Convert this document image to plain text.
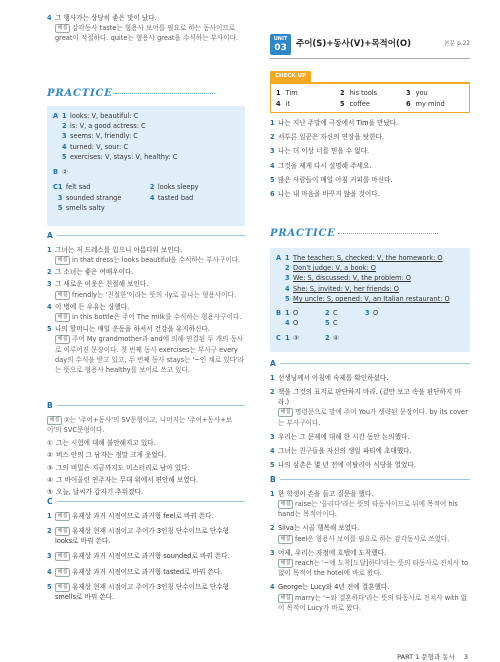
4 그 행사가는 상당히 좋은 맛이 났다.
해설 감각동사 taste는 형용사 보어를 필요로 하는 동사이므로 great이 적절하다. quite는 형용사 great을 수식하는 부사이다.
PRACTICE
A 1 looks: V, beautiful: C
2 is: V, a good actress: C
3 seems: V, friendly: C
4 turned: V, sour: C
5 exercises: V, stays: V, healthy: C
B ②
C 1 felt sad	2 looks sleepy
3 sounded strange	4 tasted bad
5 smells salty
A
1 그녀는 저 드레스를 입으니 아름다워 보인다.
해설 in that dress는 looks beautiful을 수식하는 부사구이다.
2 그 소녀는 좋은 여배우이다.
3 그 새로운 이웃은 친절해 보인다.
해설 friendly는 '친절한'이라는 뜻의 -ly로 끝나는 형용사이다.
4 이 병에 든 우유는 상했다.
해설 in this bottle은 주어 The milk를 수식하는 형용사구이다.
5 나의 할머니는 매일 운동을 하셔서 건강을 유지하신다.
해설 주어 My grandmother과 and에 의해 연결된 두 개의 동사로 이루어진 문장이다. 첫 번째 동사 exercises는 부사구 every day의 수식을 받고 있고, 두 번째 동사 stays는 '~인 채로 있다'라는 뜻으로 형용사 healthy를 보어로 쓰고 있다.
B
해설 ②는 '주어+동사'의 SV문형이고, 나머지는 '주어+동사+보어'의 SVC문형이다.
① 그는 시험에 대해 불안해지고 있다.
② 버스 안의 그 남자는 정말 크게 웃었다.
③ 그의 비밀은 지금까지도 미스터리로 남아 있다.
④ 그 바이올린 연주자는 무대 위에서 편안해 보였다.
⑤ 오늘, 날씨가 갑자기 추워졌다.
C
1	해설 유제상 과거 시점이므로 과거형 feel로 바꿔 쓴다.
2	해설 유제상 현재 시점이고 주어가 3인칭 단수이므로 단수형 looks로 바꿔 쓴다.
3	해설 유제상 과거 시점이므로 과거형 sounded로 바꿔 쓴다.
4	해설 유제상 과거 시점이므로 과거형 tasted로 바꿔 쓴다.
5	해설 유제상 현재 시점이고 주어가 3인칭 단수이므로 단수형 smells로 바꿔 쓴다.
UNIT
03	주어(S)+동사(V)+목적어(O)	본문 p.22
CHECK UP
1 Tim	2 his tools	3 you
4 it	5 coffee	6 my mind
1 나는 지난 주말에 극장에서 Tim을 만났다.
2 서투른 일꾼은 자신의 연장을 탓한다.
3 나는 더 이상 너를 믿을 수 없다.
4 그것을 제게 다시 설명해 주세요.
5 많은 사람들이 매일 아침 커피를 마신다.
6 나는 내 마음을 바꾸지 않을 것이다.
PRACTICE
A 1 The teacher: S, checked: V, the homework: O
2 Don't judge: V, a book: O
3 We: S, discussed: V, the problem: O
4 She: S, invited: V, her friends: O
5 My uncle: S, opened: V, an Italian restaurant: O
B 1 O	2 C	3 O
4 O	5 C
C 1 ③	2 ④
A
1 선생님께서 아침에 숙제를 확인하셨다.
2 책을 그것의 표지로 판단하지 마라. (겉만 보고 속을 판단하지 마라.)
해설 명령문으로 말에 주어 You가 생략된 문장이다. by its cover는 부사구이다.
3 우리는 그 문제에 대해 한 시간 동안 논의했다.
4 그녀는 친구들을 자신의 생일 파티에 초대했다.
5 나의 삼촌은 몇 년 전에 이탈리아 식당을 열었다.
B
1 한 학생이 손을 들고 질문을 했다.
해설 raise는 '올리다'라는 뜻의 타동사이므로 뒤에 목적어 his hand는 목적어이다.
2 Silva는 시골 행복해 보였다.
해설 feel은 형용사 보어를 필요로 하는 감각동사로 쓰였다.
3 어제, 우리는 자정에 호텔에 도착했다.
해설 reach는 '~에 도착[도달]하다'라는 뜻의 타동사로 전치사 to 없이 목적어 the hotel에 바로 왔다.
4 George는 Lucy와 4년 전에 결혼했다.
해설 marry는 '~와 결혼하다'라는 뜻의 타동사로 전치사 with 없이 목적어 Lucy가 바로 왔다.
PART 1 문형과 동사 3
